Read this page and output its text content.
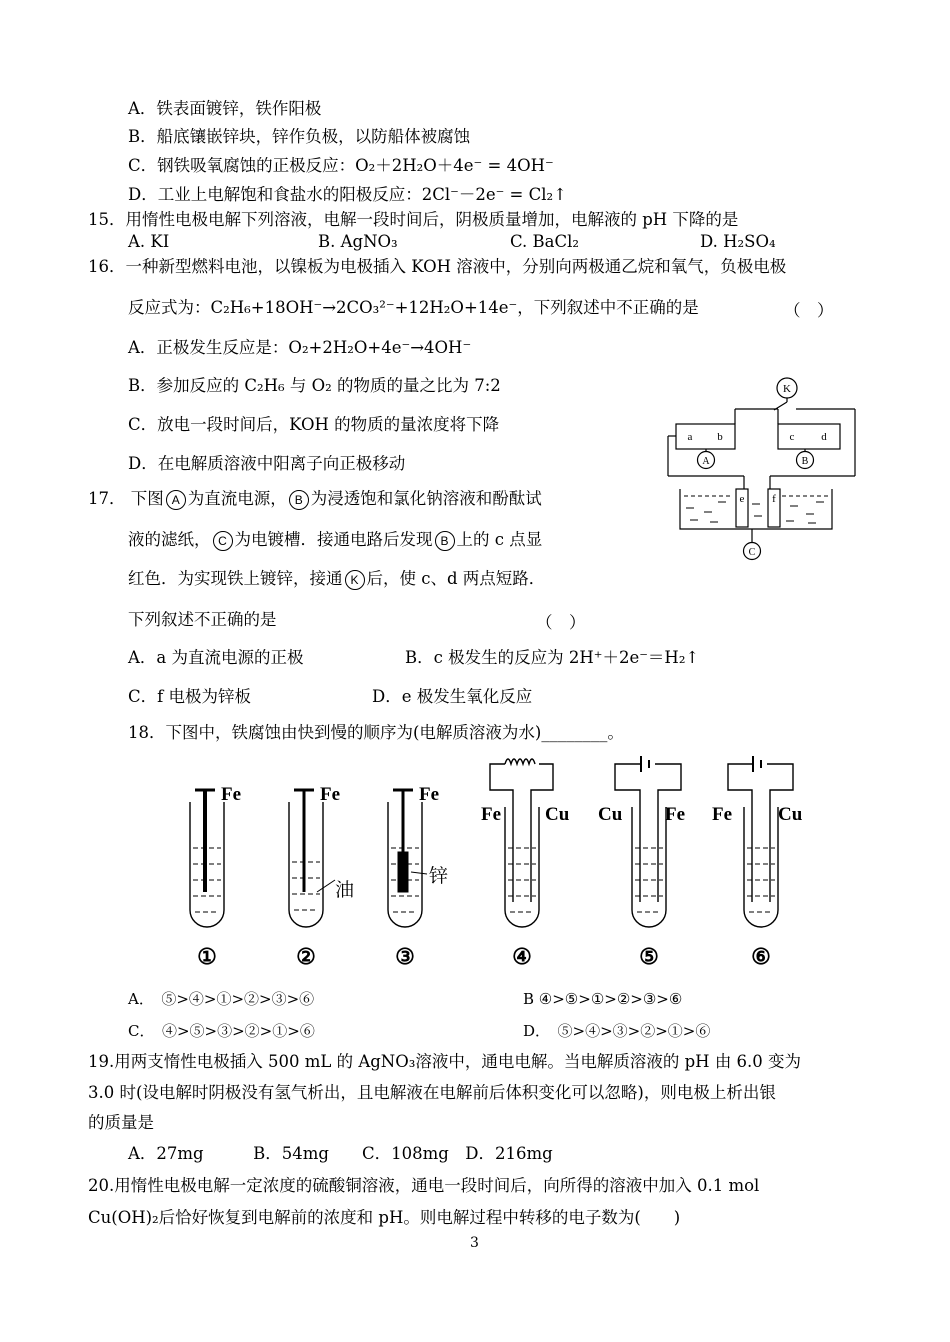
A．铁表面镀锌，铁作阳极
B．船底镶嵌锌块，锌作负极，以防船体被腐蚀
C．钢铁吸氧腐蚀的正极反应：O₂＋2H₂O＋4e⁻ = 4OH⁻
D．工业上电解饱和食盐水的阳极反应：2Cl⁻－2e⁻ = Cl₂↑
15．用惰性电极电解下列溶液，电解一段时间后，阴极质量增加，电解液的 pH 下降的是
A. KI	B. AgNO₃	C. BaCl₂	D. H₂SO₄
16．一种新型燃料电池，以镍板为电极插入 KOH 溶液中，分别向两极通乙烷和氧气，负极电极
反应式为：C₂H₆+18OH⁻→2CO₃²⁻+12H₂O+14e⁻，下列叙述中不正确的是	（　）
A．正极发生反应是：O₂+2H₂O+4e⁻→4OH⁻
B．参加反应的 C₂H₆ 与 O₂ 的物质的量之比为 7:2
C．放电一段时间后，KOH 的物质的量浓度将下降
D．在电解质溶液中阳离子向正极移动
K
a b	c d
A	B
C
e	f
17． 下图 A 为直流电源， B 为浸透饱和氯化钠溶液和酚酞试
液的滤纸， C 为电镀槽．接通电路后发现 B 上的 c 点显
红色．为实现铁上镀锌，接通 K 后，使 c、d 两点短路．
下列叙述不正确的是	（　）
A．a 为直流电源的正极	B．c 极发生的反应为 2H⁺＋2e⁻＝H₂↑
C．f 电极为锌板	D．e 极发生氧化反应
18．下图中，铁腐蚀由快到慢的顺序为(电解质溶液为水)________。
Fe	Fe	Fe
Fe Cu Cu Fe Fe Cu
油
锌
①	②	③	④	⑤	⑥
A．　⑤>④>①>②>③>⑥	B ④>⑤>①>②>③>⑥
C．　④>⑤>③>②>①>⑥	D．　⑤>④>③>②>①>⑥
19.用两支惰性电极插入 500 mL 的 AgNO₃溶液中，通电电解。当电解质溶液的 pH 由 6.0 变为
3.0 时(设电解时阴极没有氢气析出，且电解液在电解前后体积变化可以忽略)，则电极上析出银
的质量是
A．27mg　　　B．54mg　　C．108mg　D．216mg
20.用惰性电极电解一定浓度的硫酸铜溶液，通电一段时间后，向所得的溶液中加入 0.1 mol
Cu(OH)₂后恰好恢复到电解前的浓度和 pH。则电解过程中转移的电子数为(　　)
3
